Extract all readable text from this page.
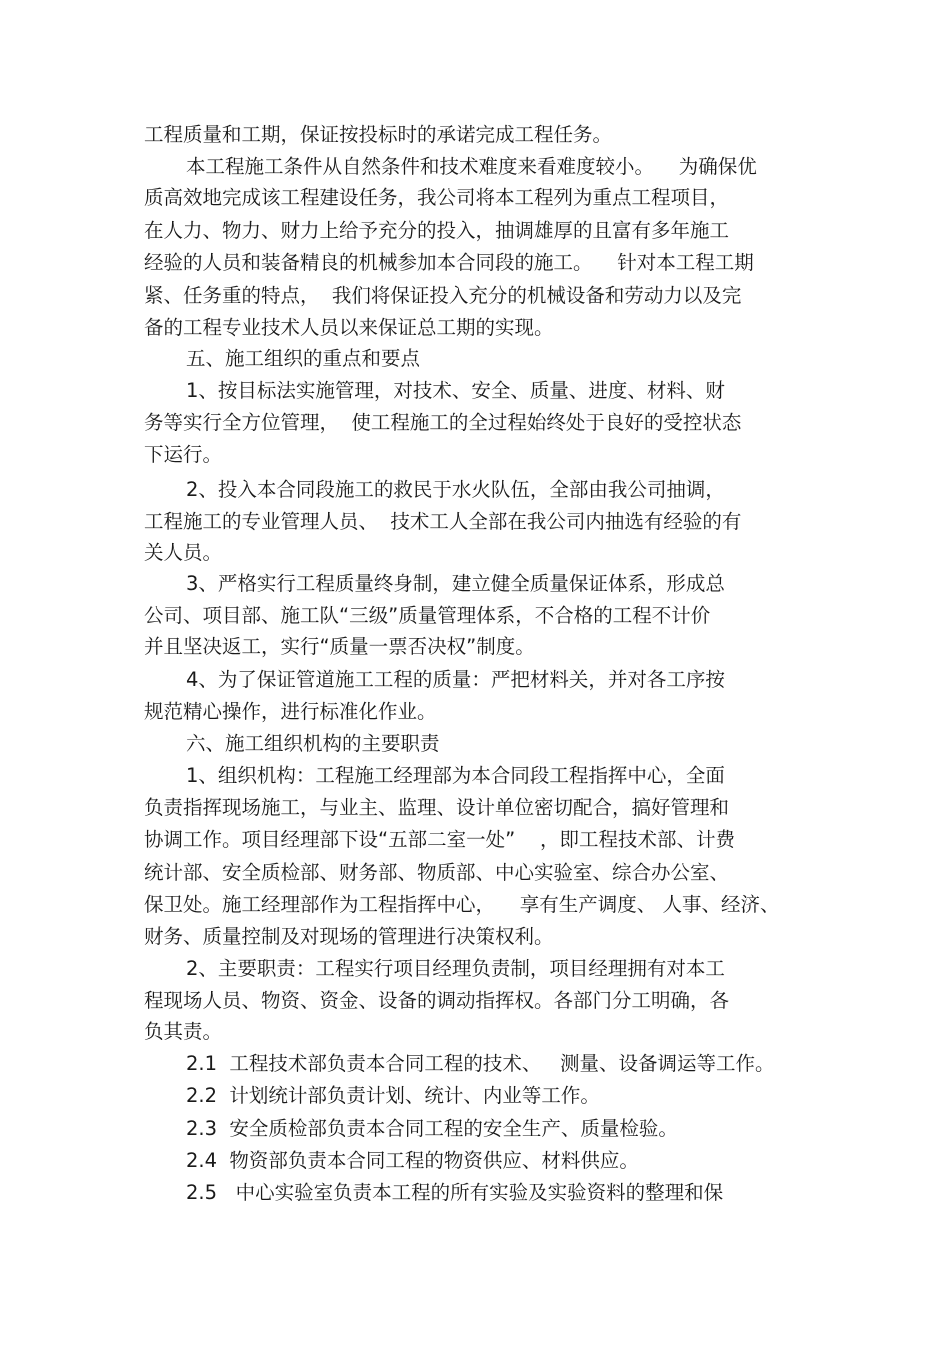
工程质量和工期，保证按投标时的承诺完成工程任务。
本工程施工条件从自然条件和技术难度来看难度较小。    为确保优
质高效地完成该工程建设任务，我公司将本工程列为重点工程项目，
在人力、物力、财力上给予充分的投入，抽调雄厚的且富有多年施工
经验的人员和装备精良的机械参加本合同段的施工。    针对本工程工期
紧、任务重的特点，  我们将保证投入充分的机械设备和劳动力以及完
备的工程专业技术人员以来保证总工期的实现。
五、施工组织的重点和要点
1、按目标法实施管理，对技术、安全、质量、进度、材料、财
务等实行全方位管理，  使工程施工的全过程始终处于良好的受控状态
下运行。
2、投入本合同段施工的救民于水火队伍，全部由我公司抽调，
工程施工的专业管理人员、  技术工人全部在我公司内抽选有经验的有
关人员。
3、严格实行工程质量终身制，建立健全质量保证体系，形成总
公司、项目部、施工队“三级”质量管理体系，不合格的工程不计价
并且坚决返工，实行“质量一票否决权”制度。
4、为了保证管道施工工程的质量：严把材料关，并对各工序按
规范精心操作，进行标准化作业。
六、施工组织机构的主要职责
1、组织机构：工程施工经理部为本合同段工程指挥中心，全面
负责指挥现场施工，与业主、监理、设计单位密切配合，搞好管理和
协调工作。项目经理部下设“五部二室一处”    ，即工程技术部、计费
统计部、安全质检部、财务部、物质部、中心实验室、综合办公室、
保卫处。施工经理部作为工程指挥中心，    享有生产调度、 人事、经济、
财务、质量控制及对现场的管理进行决策权利。
2、主要职责：工程实行项目经理负责制，项目经理拥有对本工
程现场人员、物资、资金、设备的调动指挥权。各部门分工明确，各
负其责。
2.1  工程技术部负责本合同工程的技术、   测量、设备调运等工作。
2.2  计划统计部负责计划、统计、内业等工作。
2.3  安全质检部负责本合同工程的安全生产、质量检验。
2.4  物资部负责本合同工程的物资供应、材料供应。
2.5   中心实验室负责本工程的所有实验及实验资料的整理和保
